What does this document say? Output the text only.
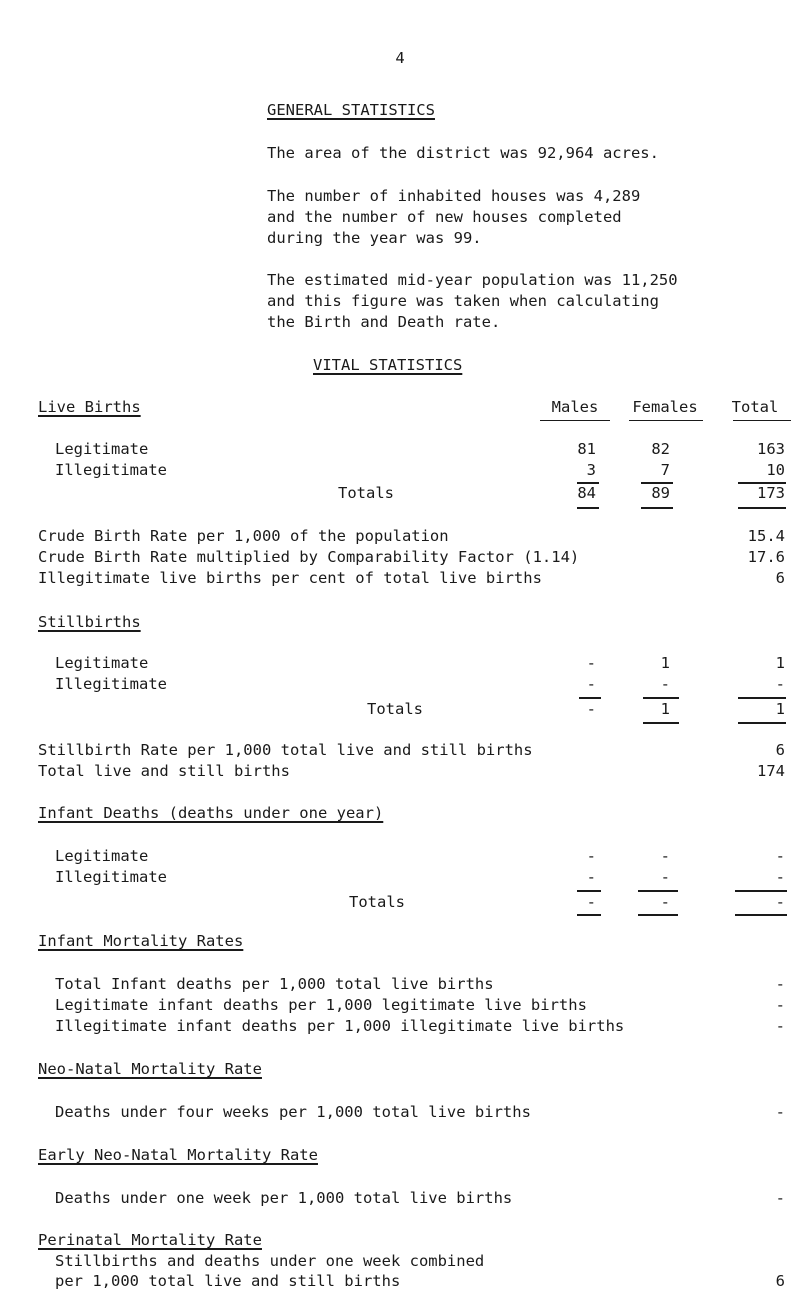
4
GENERAL STATISTICS
The area of the district was 92,964 acres.
The number of inhabited houses was 4,289
and the number of new houses completed
during the year was 99.
The estimated mid-year population was 11,250
and this figure was taken when calculating
the Birth and Death rate.
VITAL STATISTICS
Live Births	Males	Females	Total
Legitimate	81	82	163
Illegitimate	3	7	10
Totals	84	89	173
Crude Birth Rate per 1,000 of the population	15.4
Crude Birth Rate multiplied by Comparability Factor (1.14)	17.6
Illegitimate live births per cent of total live births	6
Stillbirths
Legitimate	-	1	1
Illegitimate	-	-	-
Totals	-	1	1
Stillbirth Rate per 1,000 total live and still births	6
Total live and still births	174
Infant Deaths (deaths under one year)
Legitimate	-	-	-
Illegitimate	-	-	-
Totals	-	-	-
Infant Mortality Rates
Total Infant deaths per 1,000 total live births	-
Legitimate infant deaths per 1,000 legitimate live births	-
Illegitimate infant deaths per 1,000 illegitimate live births	-
Neo-Natal Mortality Rate
Deaths under four weeks per 1,000 total live births	-
Early Neo-Natal Mortality Rate
Deaths under one week per 1,000 total live births	-
Perinatal Mortality Rate
Stillbirths and deaths under one week combined
per 1,000 total live and still births	6
